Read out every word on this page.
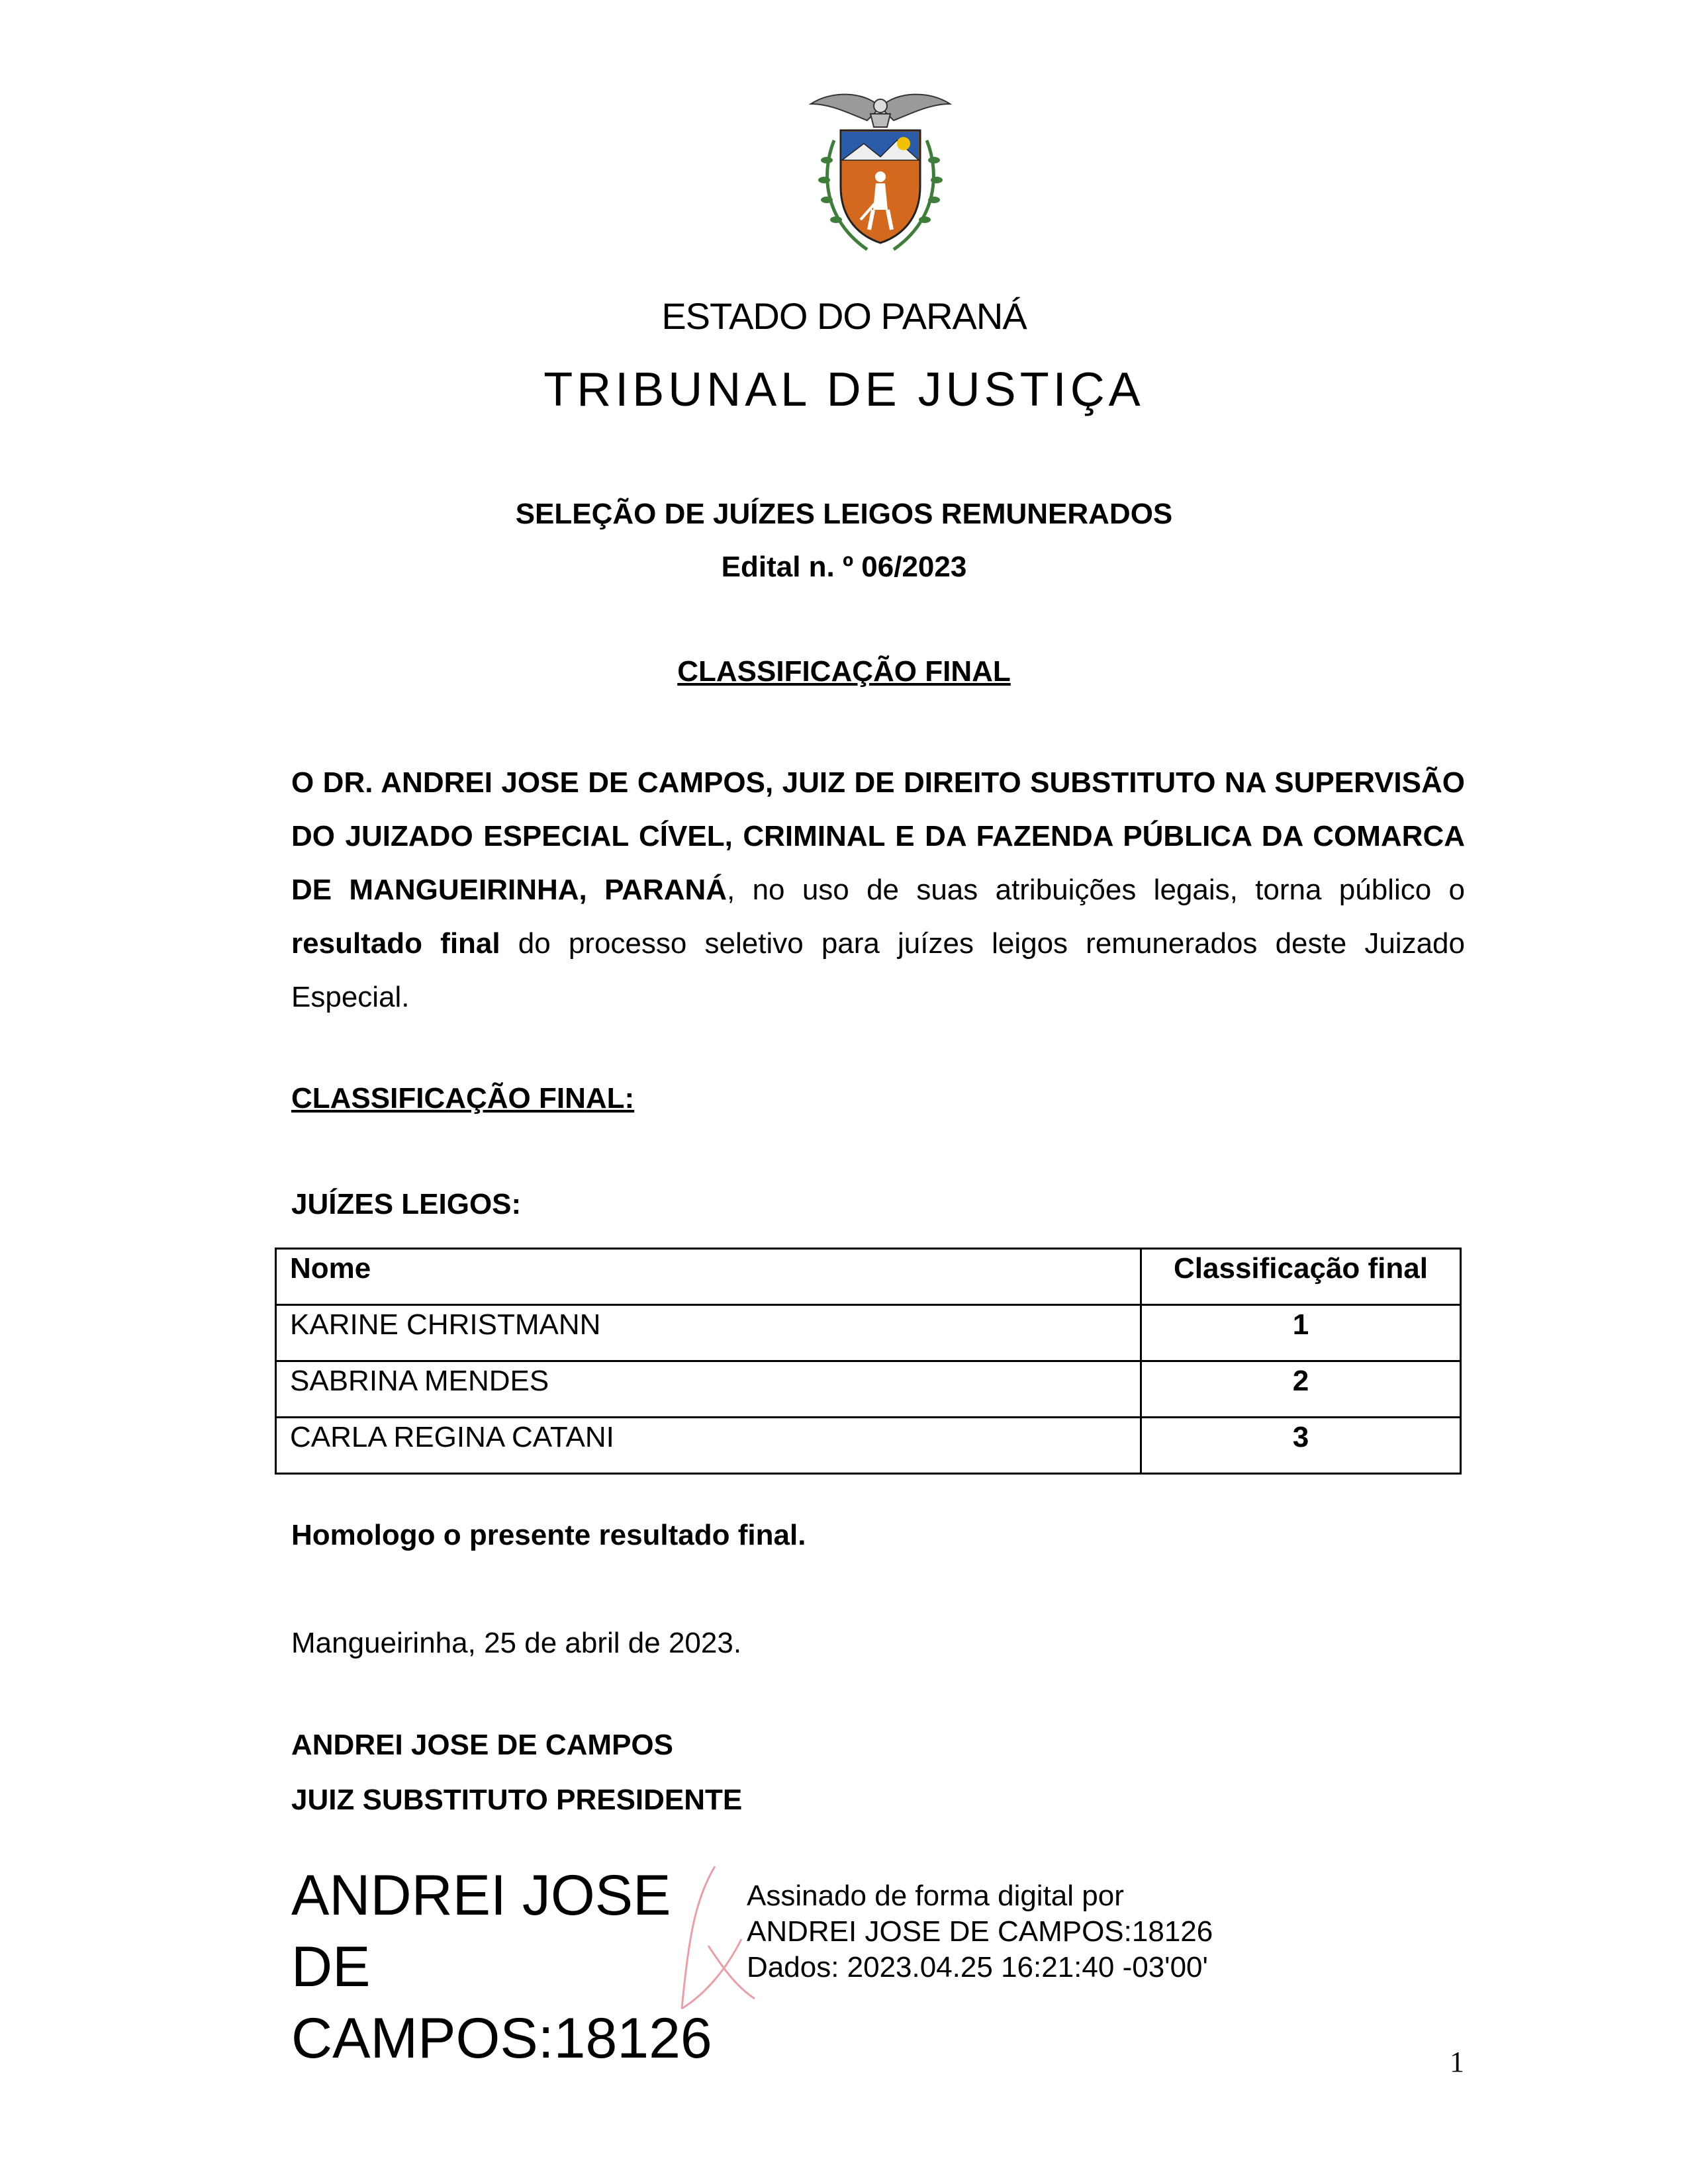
ESTADO DO PARANÁ
TRIBUNAL DE JUSTIÇA
SELEÇÃO DE JUÍZES LEIGOS REMUNERADOS
Edital n. º 06/2023
CLASSIFICAÇÃO FINAL
O DR. ANDREI JOSE DE CAMPOS, JUIZ DE DIREITO SUBSTITUTO NA SUPERVISÃO DO JUIZADO ESPECIAL CÍVEL, CRIMINAL E DA FAZENDA PÚBLICA DA COMARCA DE MANGUEIRINHA, PARANÁ, no uso de suas atribuições legais, torna público o resultado final do processo seletivo para juízes leigos remunerados deste Juizado Especial.
CLASSIFICAÇÃO FINAL:
JUÍZES LEIGOS:
Nome	Classificação final
KARINE CHRISTMANN	1
SABRINA MENDES	2
CARLA REGINA CATANI	3
Homologo o presente resultado final.
Mangueirinha, 25 de abril de 2023.
ANDREI JOSE DE CAMPOS
JUIZ SUBSTITUTO PRESIDENTE
ANDREI JOSE DE
CAMPOS:18126
Assinado de forma digital por
ANDREI JOSE DE CAMPOS:18126
Dados: 2023.04.25 16:21:40 -03'00'
1
